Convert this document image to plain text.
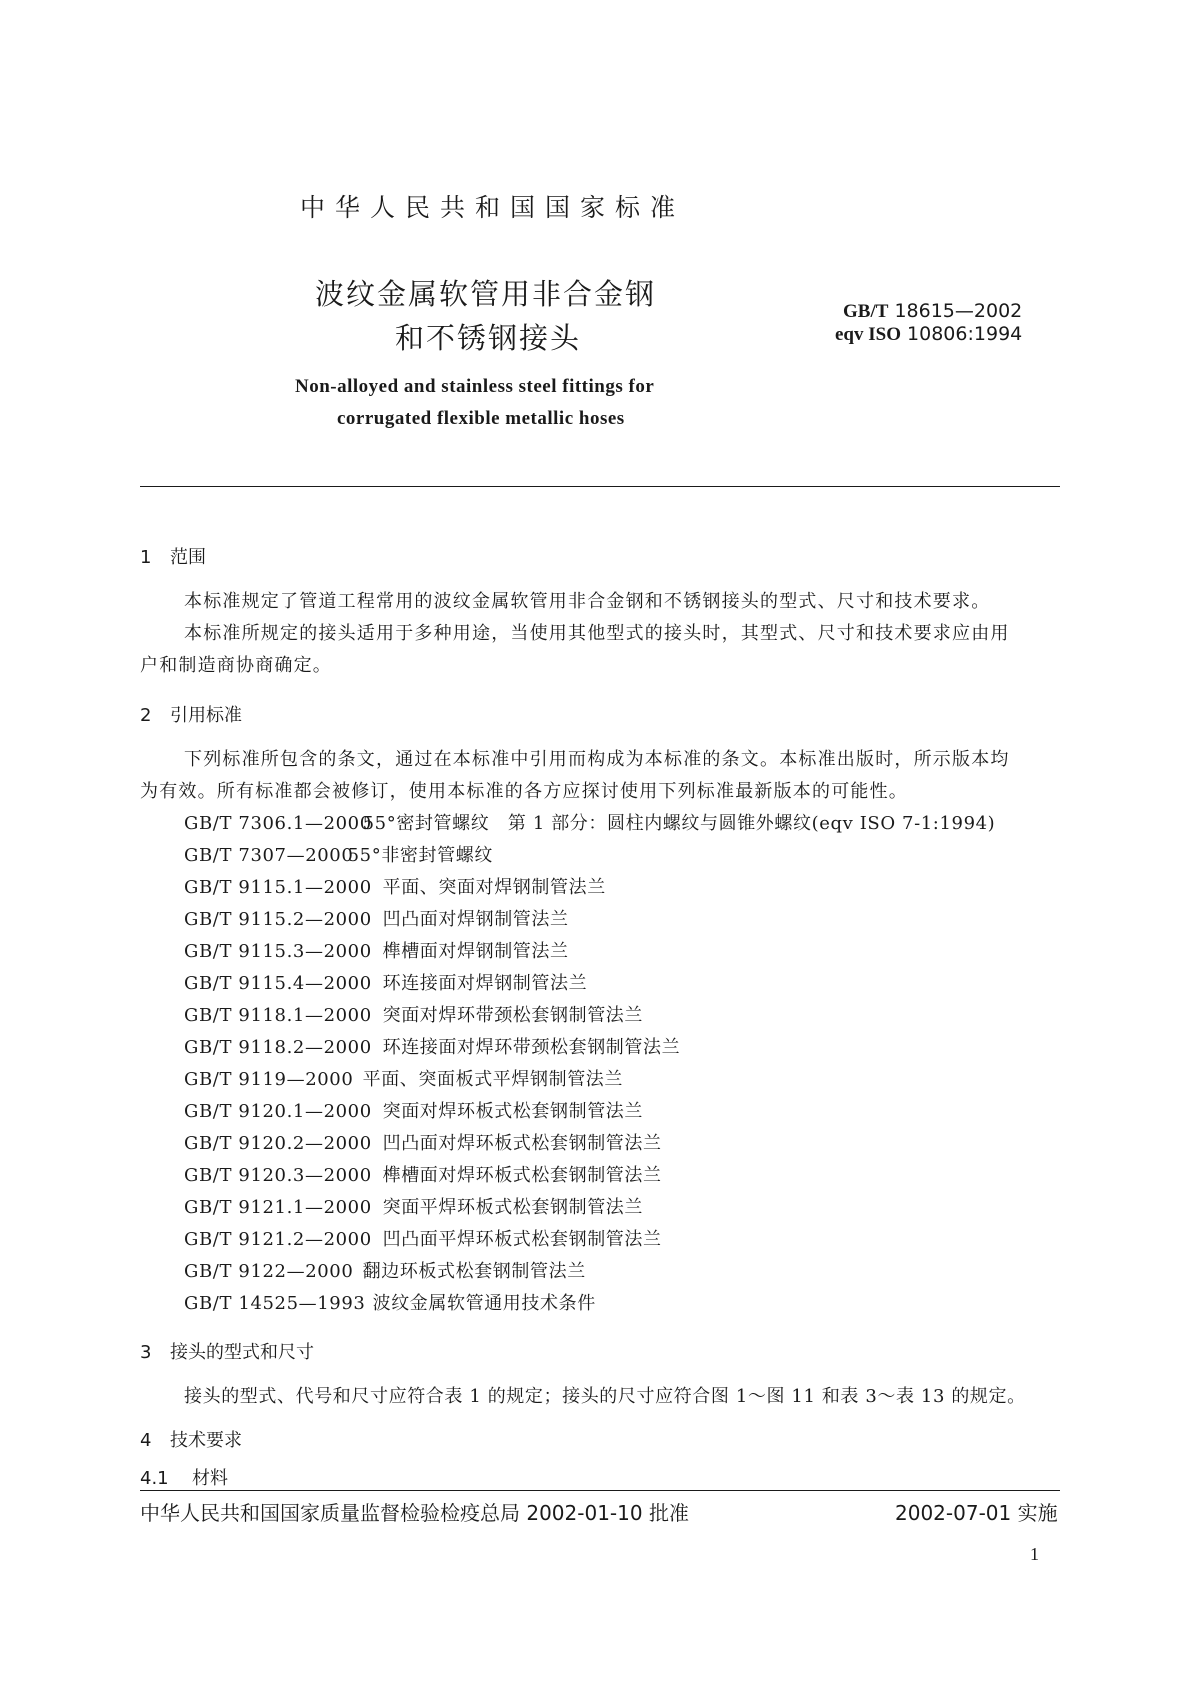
中华人民共和国国家标准
波纹金属软管用非合金钢
和不锈钢接头
GB/T 18615—2002
eqv ISO 10806:1994
Non-alloyed and stainless steel fittings for
corrugated flexible metallic hoses
1 范围
本标准规定了管道工程常用的波纹金属软管用非合金钢和不锈钢接头的型式、尺寸和技术要求。
本标准所规定的接头适用于多种用途，当使用其他型式的接头时，其型式、尺寸和技术要求应由用
户和制造商协商确定。
2 引用标准
下列标准所包含的条文，通过在本标准中引用而构成为本标准的条文。本标准出版时，所示版本均
为有效。所有标准都会被修订，使用本标准的各方应探讨使用下列标准最新版本的可能性。
GB/T 7306.1—2000　55°密封管螺纹　第 1 部分：圆柱内螺纹与圆锥外螺纹(eqv ISO 7-1:1994)
GB/T 7307—2000　55°非密封管螺纹
GB/T 9115.1—2000　 平面、突面对焊钢制管法兰
GB/T 9115.2—2000　 凹凸面对焊钢制管法兰
GB/T 9115.3—2000　 榫槽面对焊钢制管法兰
GB/T 9115.4—2000　 环连接面对焊钢制管法兰
GB/T 9118.1—2000　 突面对焊环带颈松套钢制管法兰
GB/T 9118.2—2000　 环连接面对焊环带颈松套钢制管法兰
GB/T 9119—2000　 平面、突面板式平焊钢制管法兰
GB/T 9120.1—2000　 突面对焊环板式松套钢制管法兰
GB/T 9120.2—2000　 凹凸面对焊环板式松套钢制管法兰
GB/T 9120.3—2000　 榫槽面对焊环板式松套钢制管法兰
GB/T 9121.1—2000　 突面平焊环板式松套钢制管法兰
GB/T 9121.2—2000　 凹凸面平焊环板式松套钢制管法兰
GB/T 9122—2000　 翻边环板式松套钢制管法兰
GB/T 14525—1993　 波纹金属软管通用技术条件
3 接头的型式和尺寸
接头的型式、代号和尺寸应符合表 1 的规定；接头的尺寸应符合图 1～图 11 和表 3～表 13 的规定。
4 技术要求
4.1 材料
中华人民共和国国家质量监督检验检疫总局 2002-01-10 批准	2002-07-01 实施
1
